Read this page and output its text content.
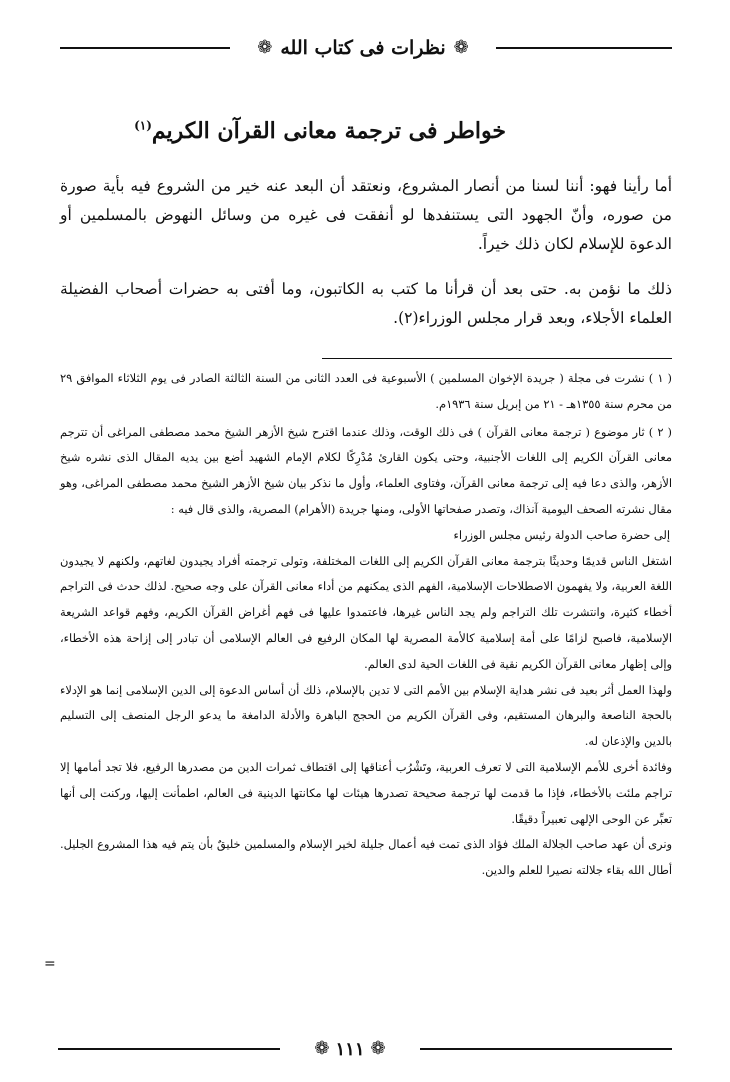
❁ نظرات فى كتاب الله ❁
خواطر فى ترجمة معانى القرآن الكريم$^{(١)}$

أما رأينا فهو: أننا لسنا من أنصار المشروع، ونعتقد أن البعد عنه خير من الشروع فيه بأية صورة من صوره، وأنّ الجهود التى يستنفدها لو أنفقت فى غيره من وسائل النهوض بالمسلمين أو الدعوة للإسلام لكان ذلك خيراً.

ذلك ما نؤمن به. حتى بعد أن قرأنا ما كتب به الكاتبون، وما أفتى به حضرات أصحاب الفضيلة العلماء الأجلاء، وبعد قرار مجلس الوزراء(٢).

( ١ ) نشرت فى مجلة ( جريدة الإخوان المسلمين ) الأسبوعية فى العدد الثانى من السنة الثالثة الصادر فى يوم الثلاثاء الموافق ٢٩ من محرم سنة ١٣٥٥هـ - ٢١ من إبريل سنة ١٩٣٦م.

( ٢ ) ثار موضوع ( ترجمة معانى القرآن ) فى ذلك الوقت، وذلك عندما اقترح شيخ الأزهر الشيخ محمد مصطفى المراغى أن تترجم معانى القرآن الكريم إلى اللغات الأجنبية، وحتى يكون القارئ مُدْرِكًا لكلام الإمام الشهيد أضع بين يديه المقال الذى نشره شيخ الأزهر، والذى دعا فيه إلى ترجمة معانى القرآن، وفتاوى العلماء، وأول ما نذكر بيان شيخ الأزهر الشيخ محمد مصطفى المراغى، وهو مقال نشرته الصحف اليومية آنذاك، وتصدر صفحاتها الأولى، ومنها جريدة (الأهرام) المصرية، والذى قال فيه :

إلى حضرة صاحب الدولة رئيس مجلس الوزراء

اشتغل الناس قديمًا وحديثًا بترجمة معانى القرآن الكريم إلى اللغات المختلفة، وتولى ترجمته أفراد يجيدون لغاتهم، ولكنهم لا يجيدون اللغة العربية، ولا يفهمون الاصطلاحات الإسلامية، الفهم الذى يمكنهم من أداء معانى القرآن على وجه صحيح. لذلك حدث فى التراجم أخطاء كثيرة، وانتشرت تلك التراجم ولم يجد الناس غيرها، فاعتمدوا عليها فى فهم أغراض القرآن الكريم، وفهم قواعد الشريعة الإسلامية، فاصبح لزامًا على أمة إسلامية كالأمة المصرية لها المكان الرفيع فى العالم الإسلامى أن تبادر إلى إزاحة هذه الأخطاء، وإلى إظهار معانى القرآن الكريم نقية فى اللغات الحية لدى العالم.

ولهذا العمل أثر بعيد فى نشر هداية الإسلام بين الأمم التى لا تدين بالإسلام، ذلك أن أساس الدعوة إلى الدين الإسلامى إنما هو الإدلاء بالحجة الناصعة والبرهان المستقيم، وفى القرآن الكريم من الحجج الباهرة والأدلة الدامغة ما يدعو الرجل المنصف إلى التسليم بالدين والإذعان له.

وفائدة أخرى للأمم الإسلامية التى لا تعرف العربية، وتَشْرُب أعناقها إلى اقتطاف ثمرات الدين من مصدرها الرفيع، فلا تجد أمامها إلا تراجم ملئت بالأخطاء، فإذا ما قدمت لها ترجمة صحيحة تصدرها هيئات لها مكانتها الدينية فى العالم، اطمأنت إليها، وركنت إلى أنها تعبِّر عن الوحى الإلهى تعبيراً دقيقًا.

ونرى أن عهد صاحب الجلالة الملك فؤاد الذى تمت فيه أعمال جليلة لخير الإسلام والمسلمين خليقٌ بأن يتم فيه هذا المشروع الجليل. أطال الله بقاء جلالته نصيرا للعلم والدين.

=
❁ ١١١ ❁
